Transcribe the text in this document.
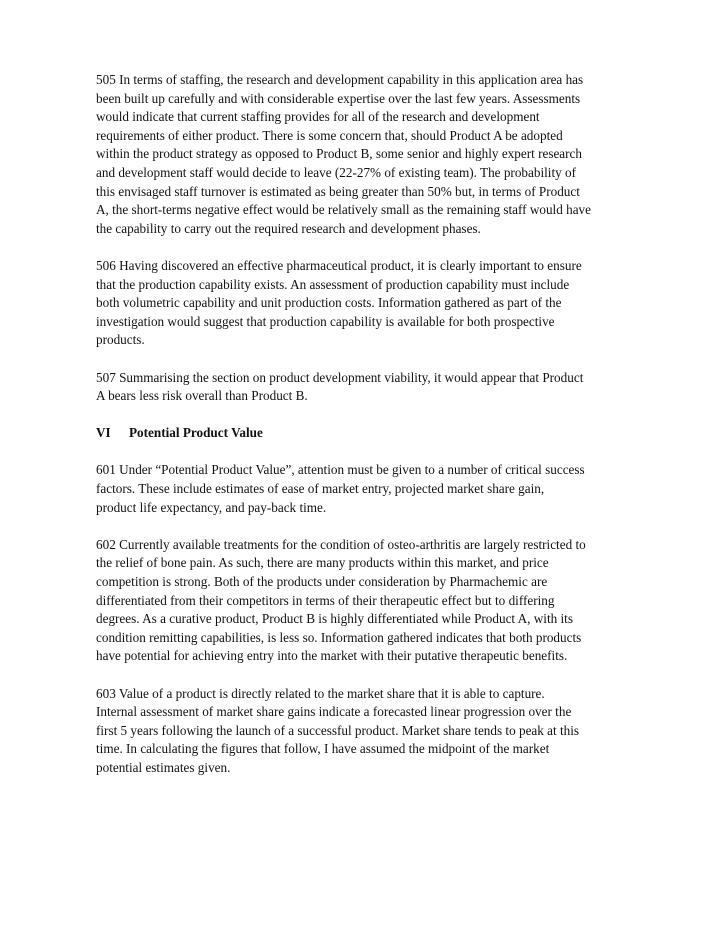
505 In terms of staffing, the research and development capability in this application area has
been built up carefully and with considerable expertise over the last few years. Assessments
would indicate that current staffing provides for all of the research and development
requirements of either product. There is some concern that, should Product A be adopted
within the product strategy as opposed to Product B, some senior and highly expert research
and development staff would decide to leave (22-27% of existing team). The probability of
this envisaged staff turnover is estimated as being greater than 50% but, in terms of Product
A, the short-terms negative effect would be relatively small as the remaining staff would have
the capability to carry out the required research and development phases.

506 Having discovered an effective pharmaceutical product, it is clearly important to ensure
that the production capability exists. An assessment of production capability must include
both volumetric capability and unit production costs. Information gathered as part of the
investigation would suggest that production capability is available for both prospective
products.

507 Summarising the section on product development viability, it would appear that Product
A bears less risk overall than Product B.

VI Potential Product Value

601 Under “Potential Product Value”, attention must be given to a number of critical success
factors. These include estimates of ease of market entry, projected market share gain,
product life expectancy, and pay-back time.

602 Currently available treatments for the condition of osteo-arthritis are largely restricted to
the relief of bone pain. As such, there are many products within this market, and price
competition is strong. Both of the products under consideration by Pharmachemic are
differentiated from their competitors in terms of their therapeutic effect but to differing
degrees. As a curative product, Product B is highly differentiated while Product A, with its
condition remitting capabilities, is less so. Information gathered indicates that both products
have potential for achieving entry into the market with their putative therapeutic benefits.

603 Value of a product is directly related to the market share that it is able to capture.
Internal assessment of market share gains indicate a forecasted linear progression over the
first 5 years following the launch of a successful product. Market share tends to peak at this
time. In calculating the figures that follow, I have assumed the midpoint of the market
potential estimates given.
